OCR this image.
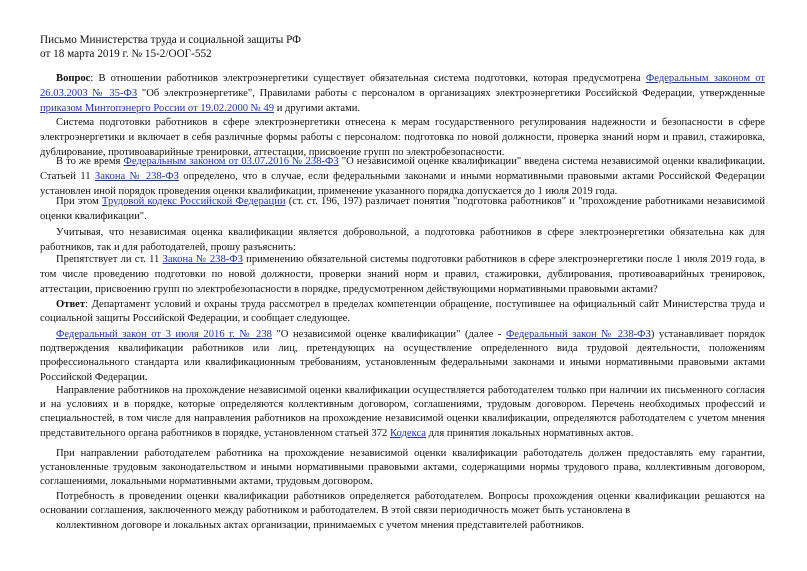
Письмо Министерства труда и социальной защиты РФ
от 18 марта 2019 г. № 15-2/ООГ-552
Вопрос: В отношении работников электроэнергетики существует обязательная система подготовки, которая предусмотрена Федеральным законом от 26.03.2003 № 35-ФЗ "Об электроэнергетике", Правилами работы с персоналом в организациях электроэнергетики Российской Федерации, утвержденные приказом Минтопэнерго России от 19.02.2000 № 49 и другими актами.
Система подготовки работников в сфере электроэнергетики отнесена к мерам государственного регулирования надежности и безопасности в сфере электроэнергетики и включает в себя различные формы работы с персоналом: подготовка по новой должности, проверка знаний норм и правил, стажировка, дублирование, противоаварийные тренировки, аттестации, присвоение групп по электробезопасности.
В то же время Федеральным законом от 03.07.2016 № 238-ФЗ "О независимой оценке квалификации" введена система независимой оценки квалификации. Статьей 11 Закона № 238-ФЗ определено, что в случае, если федеральными законами и иными нормативными правовыми актами Российской Федерации установлен иной порядок проведения оценки квалификации, применение указанного порядка допускается до 1 июля 2019 года.
При этом Трудовой кодекс Российской Федерации (ст. ст. 196, 197) различает понятия "подготовка работников" и "прохождение работниками независимой оценки квалификации".
Учитывая, что независимая оценка квалификации является добровольной, а подготовка работников в сфере электроэнергетики обязательна как для работников, так и для работодателей, прошу разъяснить:
Препятствует ли ст. 11 Закона № 238-ФЗ применению обязательной системы подготовки работников в сфере электроэнергетики после 1 июля 2019 года, в том числе проведению подготовки по новой должности, проверки знаний норм и правил, стажировки, дублирования, противоаварийных тренировок, аттестации, присвоению групп по электробезопасности в порядке, предусмотренном действующими нормативными правовыми актами?
Ответ: Департамент условий и охраны труда рассмотрел в пределах компетенции обращение, поступившее на официальный сайт Министерства труда и социальной защиты Российской Федерации, и сообщает следующее.
Федеральный закон от 3 июля 2016 г. № 238 "О независимой оценке квалификации" (далее - Федеральный закон № 238-ФЗ) устанавливает порядок подтверждения квалификации работников или лиц, претендующих на осуществление определенного вида трудовой деятельности, положениям профессионального стандарта или квалификационным требованиям, установленным федеральными законами и иными нормативными правовыми актами Российской Федерации.
Направление работников на прохождение независимой оценки квалификации осуществляется работодателем только при наличии их письменного согласия и на условиях и в порядке, которые определяются коллективным договором, соглашениями, трудовым договором. Перечень необходимых профессий и специальностей, в том числе для направления работников на прохождение независимой оценки квалификации, определяются работодателем с учетом мнения представительного органа работников в порядке, установленном статьей 372 Кодекса для принятия локальных нормативных актов.
При направлении работодателем работника на прохождение независимой оценки квалификации работодатель должен предоставлять ему гарантии, установленные трудовым законодательством и иными нормативными правовыми актами, содержащими нормы трудового права, коллективным договором, соглашениями, локальными нормативными актами, трудовым договором.
Потребность в проведении оценки квалификации работников определяется работодателем. Вопросы прохождения оценки квалификации решаются на основании соглашения, заключенного между работником и работодателем. В этой связи периодичность может быть установлена в
коллективном договоре и локальных актах организации, принимаемых с учетом мнения представителей работников.
